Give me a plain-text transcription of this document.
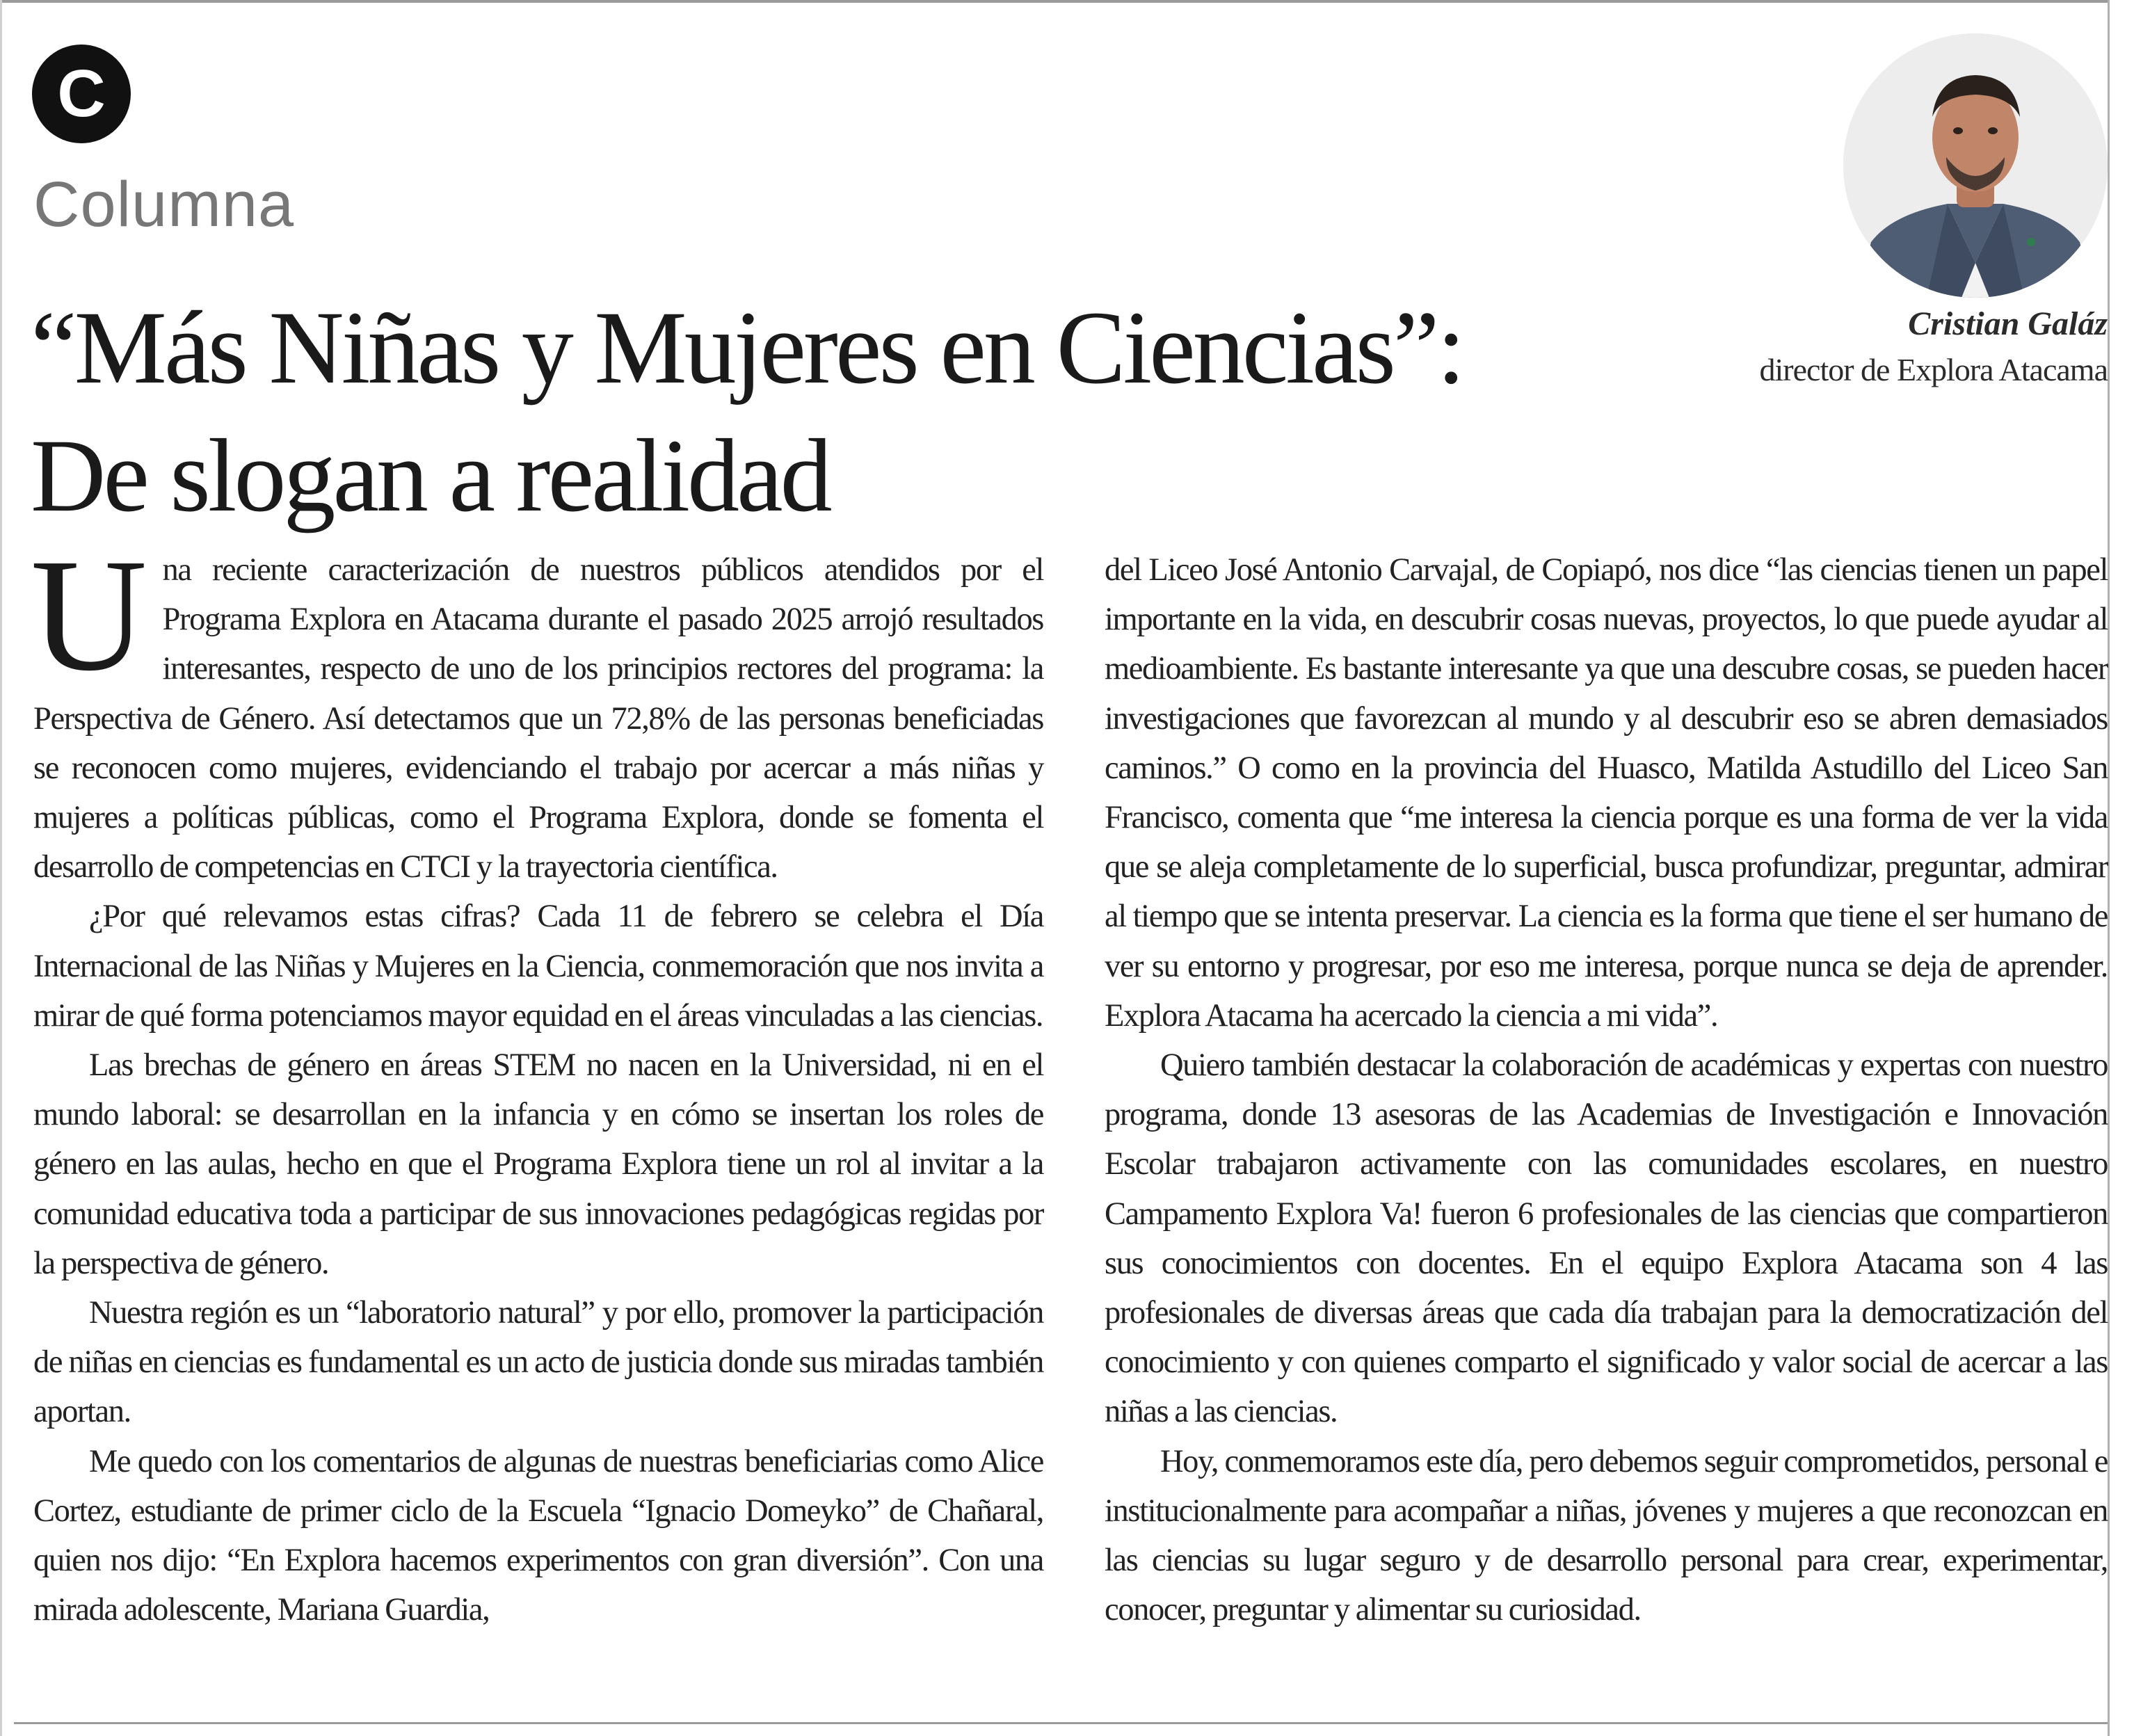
C
Columna
“Más Niñas y Mujeres en Ciencias”:
De slogan a realidad
Cristian Galáz
director de Explora Atacama

Una reciente caracterización de nuestros públicos atendidos por el Programa Explora en Atacama durante el pasado 2025 arrojó resultados interesantes, respecto de uno de los principios rectores del programa: la Perspectiva de Género. Así detectamos que un 72,8% de las personas beneficiadas se reconocen como mujeres, evidenciando el trabajo por acercar a más niñas y mujeres a políticas públicas, como el Programa Explora, donde se fomenta el desarrollo de competencias en CTCI y la trayectoria científica.

¿Por qué relevamos estas cifras? Cada 11 de febrero se celebra el Día Internacional de las Niñas y Mujeres en la Ciencia, conmemoración que nos invita a mirar de qué forma potenciamos mayor equidad en el áreas vinculadas a las ciencias.

Las brechas de género en áreas STEM no nacen en la Universidad, ni en el mundo laboral: se desarrollan en la infancia y en cómo se insertan los roles de género en las aulas, hecho en que el Programa Explora tiene un rol al invitar a la comunidad educativa toda a participar de sus innovaciones pedagógicas regidas por la perspectiva de género.

Nuestra región es un “laboratorio natural” y por ello, promover la participación de niñas en ciencias es fundamental es un acto de justicia donde sus miradas también aportan.

Me quedo con los comentarios de algunas de nuestras beneficiarias como Alice Cortez, estudiante de primer ciclo de la Escuela “Ignacio Domeyko” de Chañaral, quien nos dijo: “En Explora hacemos experimentos con gran diversión”. Con una mirada adolescente, Mariana Guardia,

del Liceo José Antonio Carvajal, de Copiapó, nos dice “las ciencias tienen un papel importante en la vida, en descubrir cosas nuevas, proyectos, lo que puede ayudar al medioambiente. Es bastante interesante ya que una descubre cosas, se pueden hacer investigaciones que favorezcan al mundo y al descubrir eso se abren demasiados caminos.” O como en la provincia del Huasco, Matilda Astudillo del Liceo San Francisco, comenta que “me interesa la ciencia porque es una forma de ver la vida que se aleja completamente de lo superficial, busca profundizar, preguntar, admirar al tiempo que se intenta preservar. La ciencia es la forma que tiene el ser humano de ver su entorno y progresar, por eso me interesa, porque nunca se deja de aprender. Explora Atacama ha acercado la ciencia a mi vida”.

Quiero también destacar la colaboración de académicas y expertas con nuestro programa, donde 13 asesoras de las Academias de Investigación e Innovación Escolar trabajaron activamente con las comunidades escolares, en nuestro Campamento Explora Va! fueron 6 profesionales de las ciencias que compartieron sus conocimientos con docentes. En el equipo Explora Atacama son 4 las profesionales de diversas áreas que cada día trabajan para la democratización del conocimiento y con quienes comparto el significado y valor social de acercar a las niñas a las ciencias.

Hoy, conmemoramos este día, pero debemos seguir comprometidos, personal e institucionalmente para acompañar a niñas, jóvenes y mujeres a que reconozcan en las ciencias su lugar seguro y de desarrollo personal para crear, experimentar, conocer, preguntar y alimentar su curiosidad.
